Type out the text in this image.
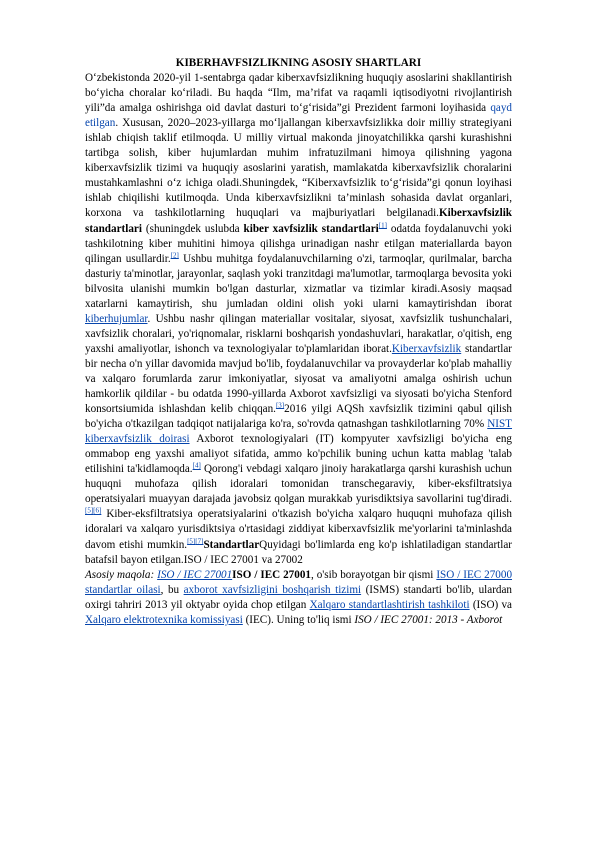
KIBERHAVFSIZLIKNING ASOSIY SHARTLARI

O‘zbekistonda 2020-yil 1-sentabrga qadar kiberxavfsizlikning huquqiy asoslarini shakllantirish bo‘yicha choralar ko‘riladi. Bu haqda “Ilm, ma’rifat va raqamli iqtisodiyotni rivojlantirish yili”da amalga oshirishga oid davlat dasturi to‘g‘risida”gi Prezident farmoni loyihasida qayd etilgan. Xususan, 2020–2023-yillarga mo‘ljallangan kiberxavfsizlikka doir milliy strategiyani ishlab chiqish taklif etilmoqda. U milliy virtual makonda jinoyatchilikka qarshi kurashishni tartibga solish, kiber hujumlardan muhim infratuzilmani himoya qilishning yagona kiberxavfsizlik tizimi va huquqiy asoslarini yaratish, mamlakatda kiberxavfsizlik choralarini mustahkamlashni o‘z ichiga oladi.Shuningdek, “Kiberxavfsizlik to‘g‘risida”gi qonun loyihasi ishlab chiqilishi kutilmoqda. Unda kiberxavfsizlikni ta’minlash sohasida davlat organlari, korxona va tashkilotlarning huquqlari va majburiyatlari belgilanadi.Kiberxavfsizlik standartlari (shuningdek uslubda kiber xavfsizlik standartlari[1] odatda foydalanuvchi yoki tashkilotning kiber muhitini himoya qilishga urinadigan nashr etilgan materiallarda bayon qilingan usullardir.[2] Ushbu muhitga foydalanuvchilarning o'zi, tarmoqlar, qurilmalar, barcha dasturiy ta'minotlar, jarayonlar, saqlash yoki tranzitdagi ma'lumotlar, tarmoqlarga bevosita yoki bilvosita ulanishi mumkin bo'lgan dasturlar, xizmatlar va tizimlar kiradi.Asosiy maqsad xatarlarni kamaytirish, shu jumladan oldini olish yoki ularni kamaytirishdan iborat kiberhujumlar. Ushbu nashr qilingan materiallar vositalar, siyosat, xavfsizlik tushunchalari, xavfsizlik choralari, yo'riqnomalar, risklarni boshqarish yondashuvlari, harakatlar, o'qitish, eng yaxshi amaliyotlar, ishonch va texnologiyalar to'plamlaridan iborat.Kiberxavfsizlik standartlar bir necha o'n yillar davomida mavjud bo'lib, foydalanuvchilar va provayderlar ko'plab mahalliy va xalqaro forumlarda zarur imkoniyatlar, siyosat va amaliyotni amalga oshirish uchun hamkorlik qildilar - bu odatda 1990-yillarda Axborot xavfsizligi va siyosati bo'yicha Stenford konsortsiumida ishlashdan kelib chiqqan.[3]2016 yilgi AQSh xavfsizlik tizimini qabul qilish bo'yicha o'tkazilgan tadqiqot natijalariga ko'ra, so'rovda qatnashgan tashkilotlarning 70% NIST kiberxavfsizlik doirasi Axborot texnologiyalari (IT) kompyuter xavfsizligi bo'yicha eng ommabop eng yaxshi amaliyot sifatida, ammo ko'pchilik buning uchun katta mablag 'talab etilishini ta'kidlamoqda.[4] Qorong'i vebdagi xalqaro jinoiy harakatlarga qarshi kurashish uchun huquqni muhofaza qilish idoralari tomonidan transchegaraviy, kiber-eksfiltratsiya operatsiyalari muayyan darajada javobsiz qolgan murakkab yurisdiktsiya savollarini tug'diradi.[5][6] Kiber-eksfiltratsiya operatsiyalarini o'tkazish bo'yicha xalqaro huquqni muhofaza qilish idoralari va xalqaro yurisdiktsiya o'rtasidagi ziddiyat kiberxavfsizlik me'yorlarini ta'minlashda davom etishi mumkin.[5][7]StandartlarQuyidagi bo'limlarda eng ko'p ishlatiladigan standartlar batafsil bayon etilgan.ISO / IEC 27001 va 27002

Asosiy maqola: ISO / IEC 27001ISO / IEC 27001, o'sib borayotgan bir qismi ISO / IEC 27000 standartlar oilasi, bu axborot xavfsizligini boshqarish tizimi (ISMS) standarti bo'lib, ulardan oxirgi tahriri 2013 yil oktyabr oyida chop etilgan Xalqaro standartlashtirish tashkiloti (ISO) va Xalqaro elektrotexnika komissiyasi (IEC). Uning to'liq ismi ISO / IEC 27001: 2013 - Axborot
